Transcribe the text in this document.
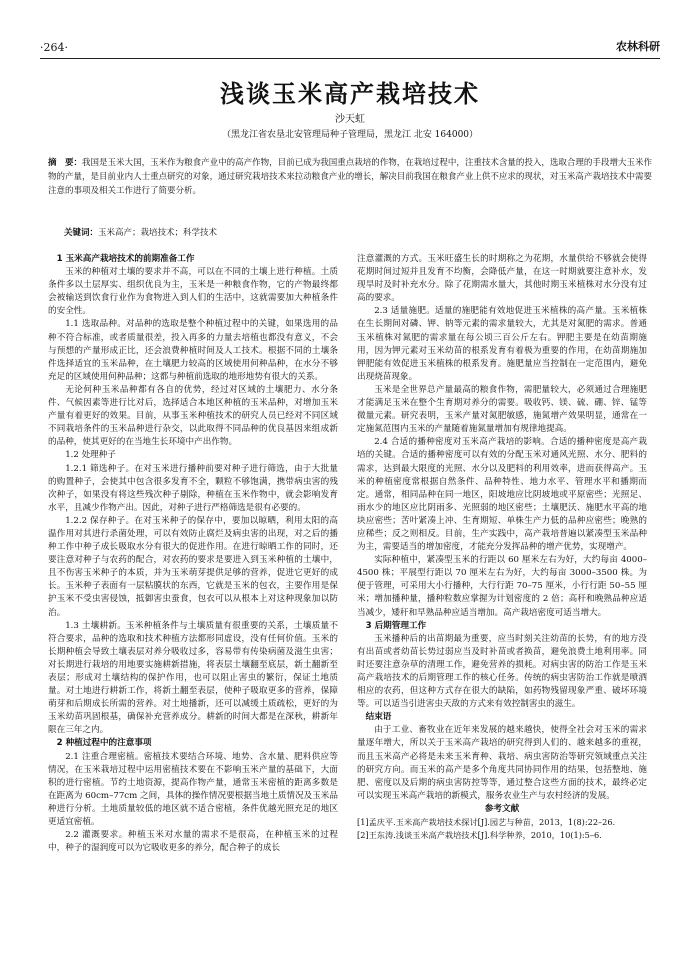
·264·	农林科研
浅谈玉米高产栽培技术
沙天虹
（黑龙江省农垦北安管理局种子管理局，黑龙江 北安 164000）
摘　要：我国是玉米大国，玉米作为粮食产业中的高产作物，目前已成为我国重点栽培的作物，在栽培过程中，注重技术含量的投入，选取合理的手段增大玉米作物的产量，是目前业内人士重点研究的对象，通过研究栽培技术来拉动粮食产业的增长，解决目前我国在粮食产业上供不应求的现状，对玉米高产栽培技术中需要注意的事项及相关工作进行了简要分析。
关键词：玉米高产；栽培技术；科学技术

1 玉米高产栽培技术的前期准备工作

玉米的种植对土壤的要求并不高，可以在不同的土壤上进行种植。土质条件多以土层厚实、组织优良为主，玉米是一种粮食作物，它的产物最终都会被输送到饮食行业作为食物进入到人们的生活中，这就需要加大种植条件的安全性。

1.1 选取品种。对品种的选取是整个种植过程中的关键，如果选用的品种不符合标准，或者质量很差，投入再多的力量去培植也都没有意义，不会与预想的产量形成正比，还会浪费种植时间及人工技术。根据不同的土壤条件选择适宜的玉米品种，在土壤肥力较高的区域使用何种品种，在水分不够充足的区域使用何种品种；这都与种植前选取的地形地势有很大的关系。

无论何种玉米品种都有各自的优势，经过对区域的土壤肥力、水分条件、气候因素等进行比对后，选择适合本地区种植的玉米品种，对增加玉米产量有着更好的效果。目前，从事玉米种植技术的研究人员已经对不同区域不同栽培条件的玉米品种进行杂交，以此取得不同品种的优良基因来组成新的品种，使其更好的在当地生长环境中产出作物。

1.2 处理种子

1.2.1 筛选种子。在对玉米进行播种前要对种子进行筛选，由于大批量的购置种子，会使其中包含很多发育不全，颗粒不够饱满，携带病虫害的残次种子，如果没有将这些残次种子剔除，种植在玉米作物中，就会影响发育水平，且减少作物产出。因此，对种子进行严格筛选是很有必要的。

1.2.2 保存种子。在对玉米种子的保存中，要加以晾晒，利用太阳的高温作用对其进行杀菌处理，可以有效防止腐烂及病虫害的出现，对之后的播种工作中种子成长吸取水分有很大的促进作用。在进行晾晒工作的同时，还要注意对种子与农药的配合，对农药的要求是要进入到玉米种植的土壤中，且不伤害玉米种子的本质，并为玉米萌芽提供足够的营养，促进它更好的成长。玉米种子表面有一层粘膜状的东西，它就是玉米的包衣，主要作用是保护玉米不受虫害侵蚀，抵御害虫蚕食，包衣可以从根本上对这种现象加以防治。

1.3 土壤耕新。玉米种植条件与土壤质量有很重要的关系，土壤质量不符合要求，品种的选取和技术种植方法都形同虚设，没有任何价值。玉米的长期种植会导致土壤表层对养分吸收过多，容易带有传染病菌及滋生虫害；对长期进行栽培的用地要实施耕新措施，将表层土壤翻至底层，新土翻新至表层；形成对土壤结构的保护作用，也可以阻止害虫的繁衍，保证土地质量。对土地进行耕新工作，将新土翻至表层，使种子吸取更多的营养，保障萌芽和后期成长所需的营养。对土地播新，还可以减缓土质疏松，更好的为玉米幼苗巩固根基，确保补充营养成分。耕新的时间大都是在深秋，耕新年限在三年之内。

2 种植过程中的注意事项

2.1 注重合理密植。密植技术要结合环境、地势、含水量、肥料供应等情况，在玉米栽培过程中运用密植技术要在不影响玉米产量的基础下，大面积的进行密植。节约土地资源，提高作物产量，通常玉米密植的距离多数是在距离为 60cm–77cm 之间，具体的操作情况要根据当地土质情况及玉米品种进行分析。土地质量较低的地区就不适合密植，条件优越光照充足的地区更适宜密植。

2.2 灌溉要求。种植玉米对水量的需求不是很高，在种植玉米的过程中，种子的湿润度可以为它吸收更多的养分，配合种子的成长

注意灌溉的方式。玉米旺盛生长的时期称之为花期，水量供给不够就会使得花期时间过短并且发育不均衡，会降低产量，在这一时期就要注意补水，发现旱时及时补充水分。除了花期需水量大，其他时期玉米植株对水分没有过高的要求。

2.3 适量施肥。适量的施肥能有效地促进玉米植株的高产量。玉米植株在生长期间对磷、钾、钠等元素的需求量较大，尤其是对氮肥的需求。普通玉米植株对氮肥的需求量在每公顷三百公斤左右。钾肥主要是在幼苗期施用，因为钾元素对玉米幼苗的根系发育有着极为重要的作用，在幼苗期施加钾肥能有效促进玉米植株的根系发育。施肥量应当控制在一定范围内，避免出现烧苗现象。

玉米是全世界总产量最高的粮食作物，需肥量较大，必须通过合理施肥才能满足玉米在整个生育期对养分的需要。吸收钙、镁、硫、硼、锌、锰等微量元素。研究表明，玉米产量对氮肥敏感，施氮增产效果明显，通常在一定施氮范围内玉米的产量随着施氮量增加有规律地提高。

2.4 合适的播种密度对玉米高产栽培的影响。合适的播种密度是高产栽培的关键。合适的播种密度可以有效的分配玉米对通风光照、水分、肥料的需求，达到最大限度的光照、水分以及肥料的利用效率，进而获得高产。玉米的种植密度常根据自然条件、品种特性、地力水平、管理水平和播期而定。通常，相同品种在同一地区，阳坡地应比阴坡地或平原密些；光照足、雨水少的地区应比阴雨多、光照弱的地区密些；土壤肥沃、施肥水平高的地块应密些；苦叶紧凑上冲、生育期短、单株生产力低的品种应密些；晚熟的应稀些；反之则相反。目前，生产实践中，高产栽培普遍以紧凑型玉米品种为主，需要适当的增加密度，才能充分发挥品种的增产优势，实现增产。

实际种植中，紧凑型玉米的行距以 60 厘米左右为好，大约每亩 4000–4500 株；平展型行距以 70 厘米左右为好，大约每亩 3000–3500 株。为便于管理，可采用大小行播种，大行行距 70–75 厘米，小行行距 50–55 厘米；增加播种量，播种粒数应掌握为计划密度的 2 倍；高秆和晚熟品种应适当减少，矮秆和早熟品种应适当增加。高产栽培密度可适当增大。

3 后期管理工作

玉米播种后的出苗期最为重要，应当时刻关注幼苗的长势，有的地方没有出苗或者幼苗长势过弱应当及时补苗或者换苗，避免浪费土地利用率。同时还要注意杂草的清理工作，避免营养的损耗。对病虫害的防治工作是玉米高产栽培技术的后期管理工作的核心任务。传统的病虫害防治工作就是喷洒相应的农药，但这种方式存在很大的缺陷，如药物残留现象严重、破坏环境等。可以适当引进害虫天敌的方式来有效控制害虫的滋生。

结束语

由于工业、畜牧业在近年来发展的越来越快，使得全社会对玉米的需求量逐年增大，所以关于玉米高产栽培的研究得到人们的、越来越多的重视，而且玉米高产必将是未来玉米育种、栽培、病虫害防治等研究领域重点关注的研究方向。而玉米的高产是多个角度共同协同作用的结果，包括整地、施肥、密度以及后期的病虫害防控等等，通过整合这些方面的技术，最终必定可以实现玉米高产栽培的新模式，服务农业生产与农村经济的发展。

参考文献

[1]孟庆平.玉米高产栽培技术探讨[J].园艺与种苗，2013，1(8):22–26.

[2]王东涛.浅谈玉米高产栽培技术[J].科学种养，2010，10(1):5–6.
